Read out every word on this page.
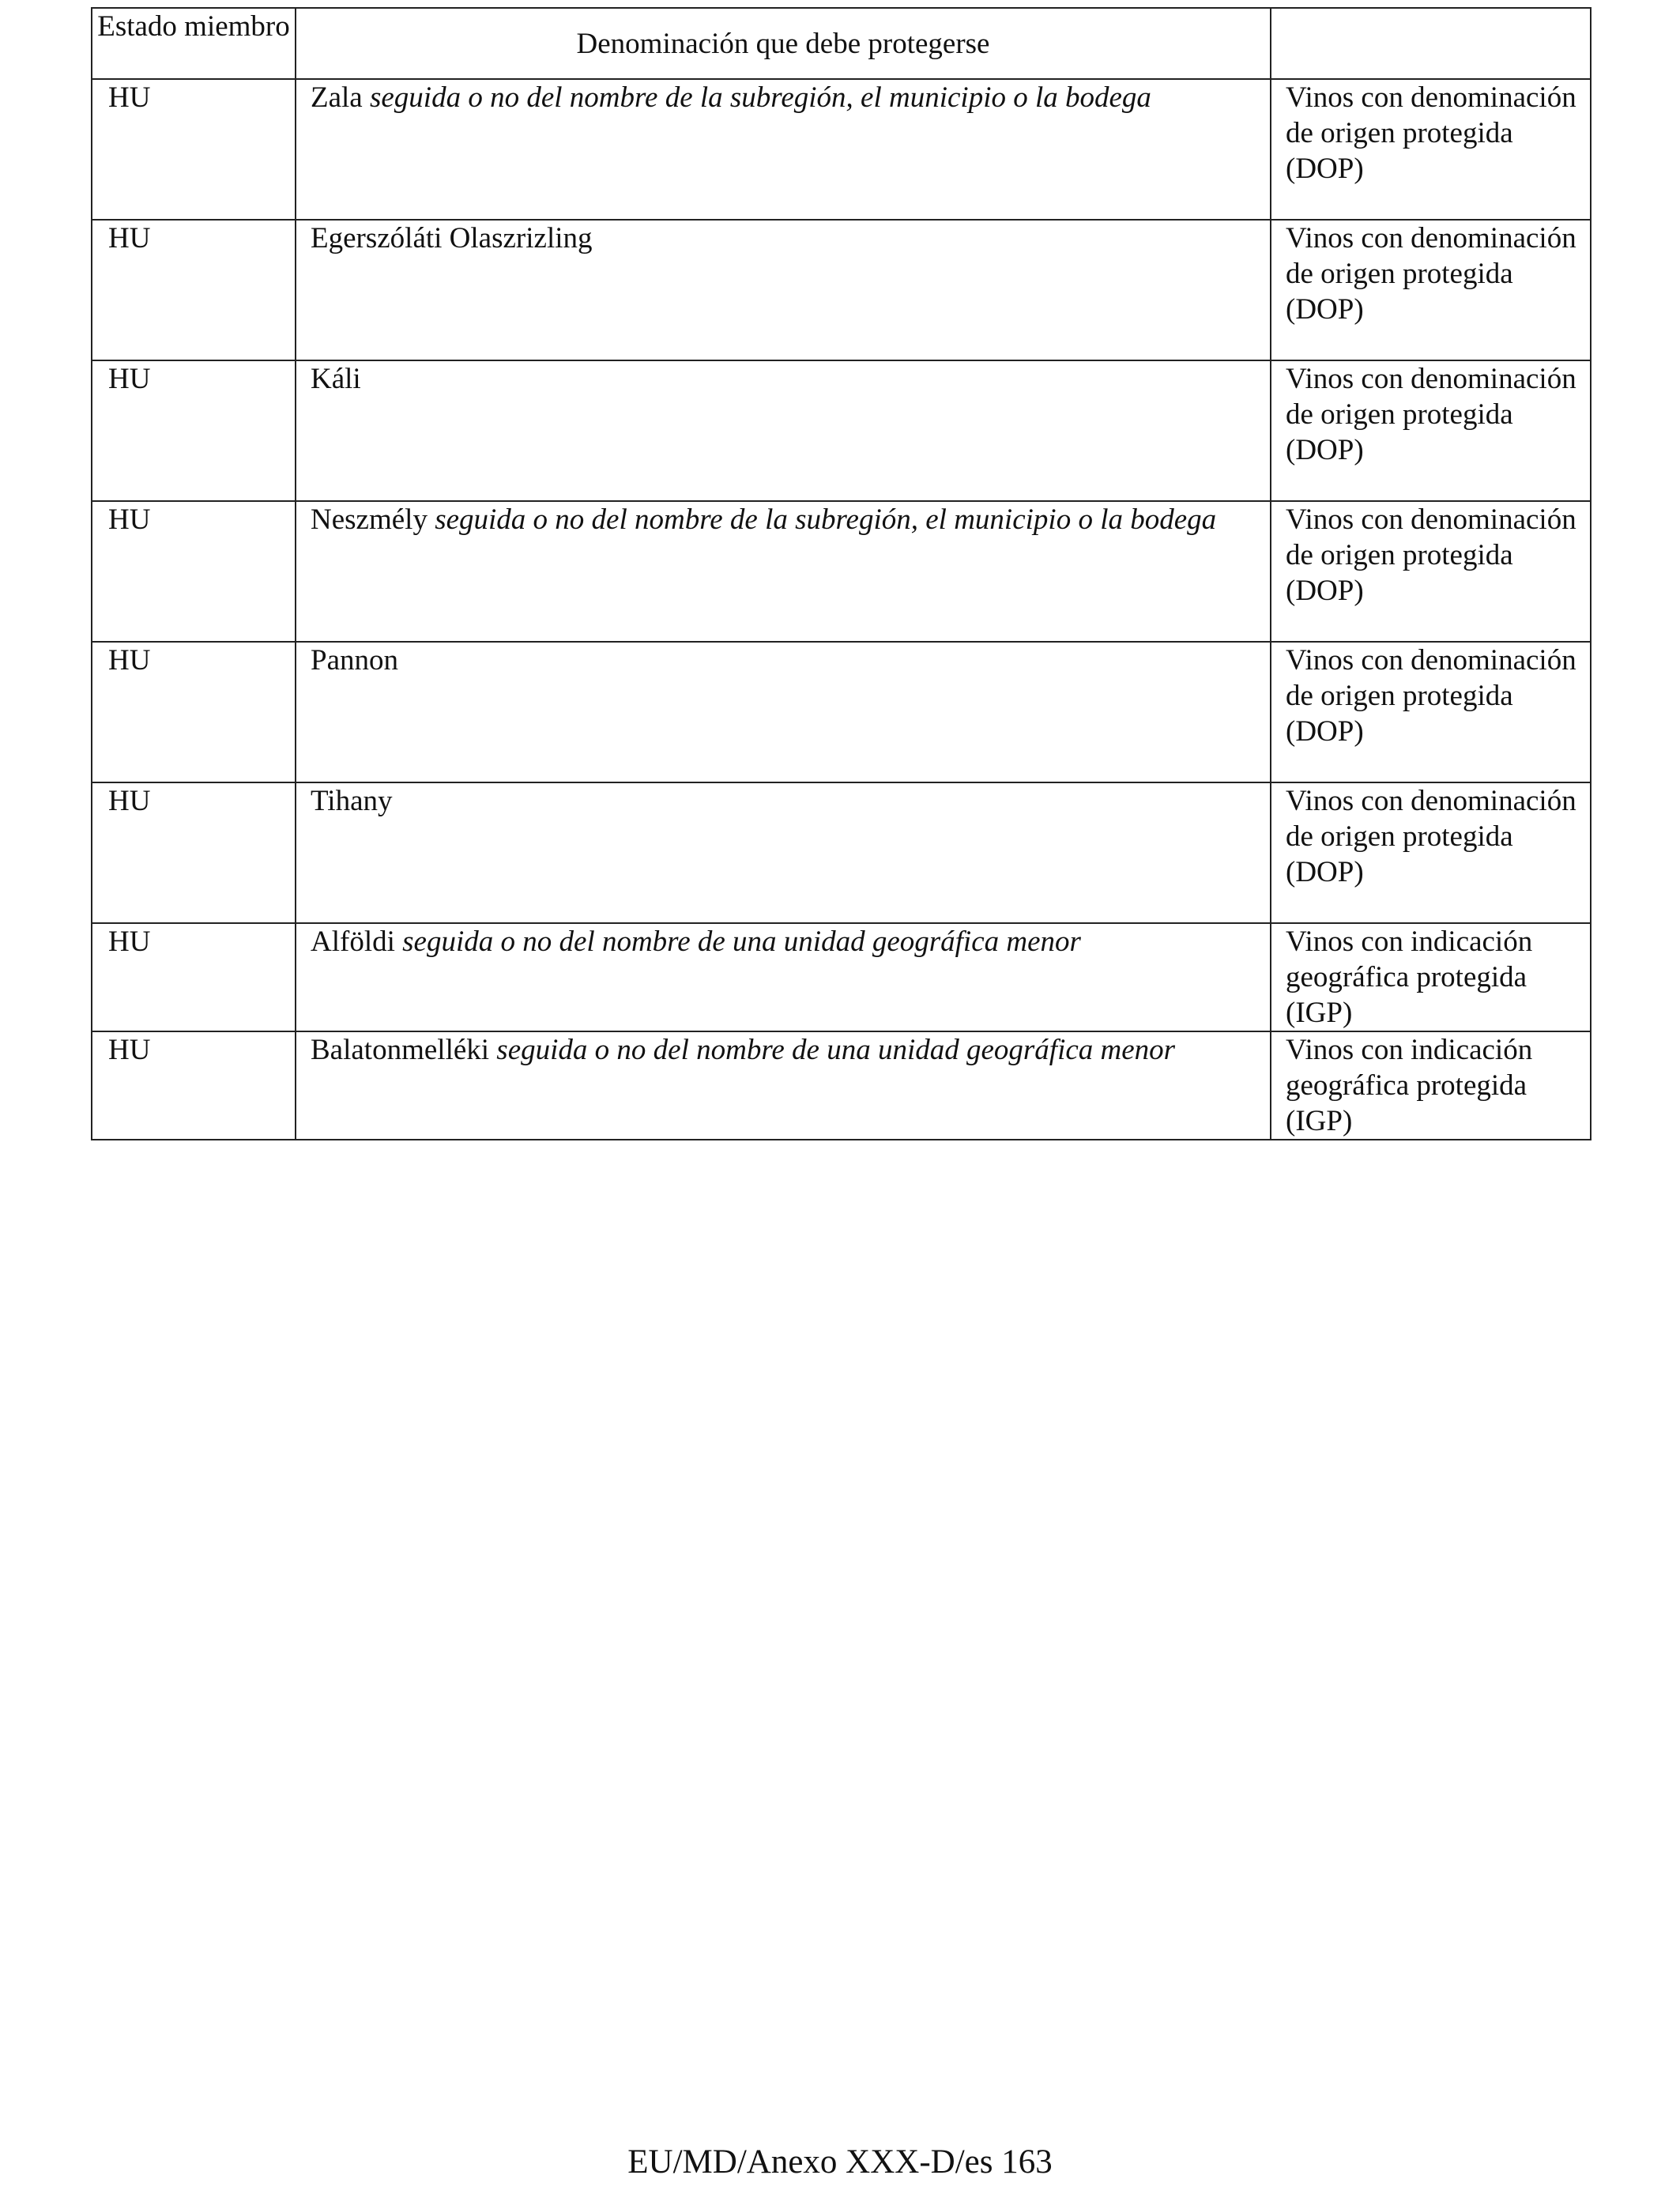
Estado miembro	Denominación que debe protegerse	
HU	Zala seguida o no del nombre de la subregión, el municipio o la bodega	Vinos con denominación de origen protegida (DOP)
HU	Egerszóláti Olaszrizling	Vinos con denominación de origen protegida (DOP)
HU	Káli	Vinos con denominación de origen protegida (DOP)
HU	Neszmély seguida o no del nombre de la subregión, el municipio o la bodega	Vinos con denominación de origen protegida (DOP)
HU	Pannon	Vinos con denominación de origen protegida (DOP)
HU	Tihany	Vinos con denominación de origen protegida (DOP)
HU	Alföldi seguida o no del nombre de una unidad geográfica menor	Vinos con indicación geográfica protegida (IGP)
HU	Balatonmelléki seguida o no del nombre de una unidad geográfica menor	Vinos con indicación geográfica protegida (IGP)
EU/MD/Anexo XXX-D/es 163
